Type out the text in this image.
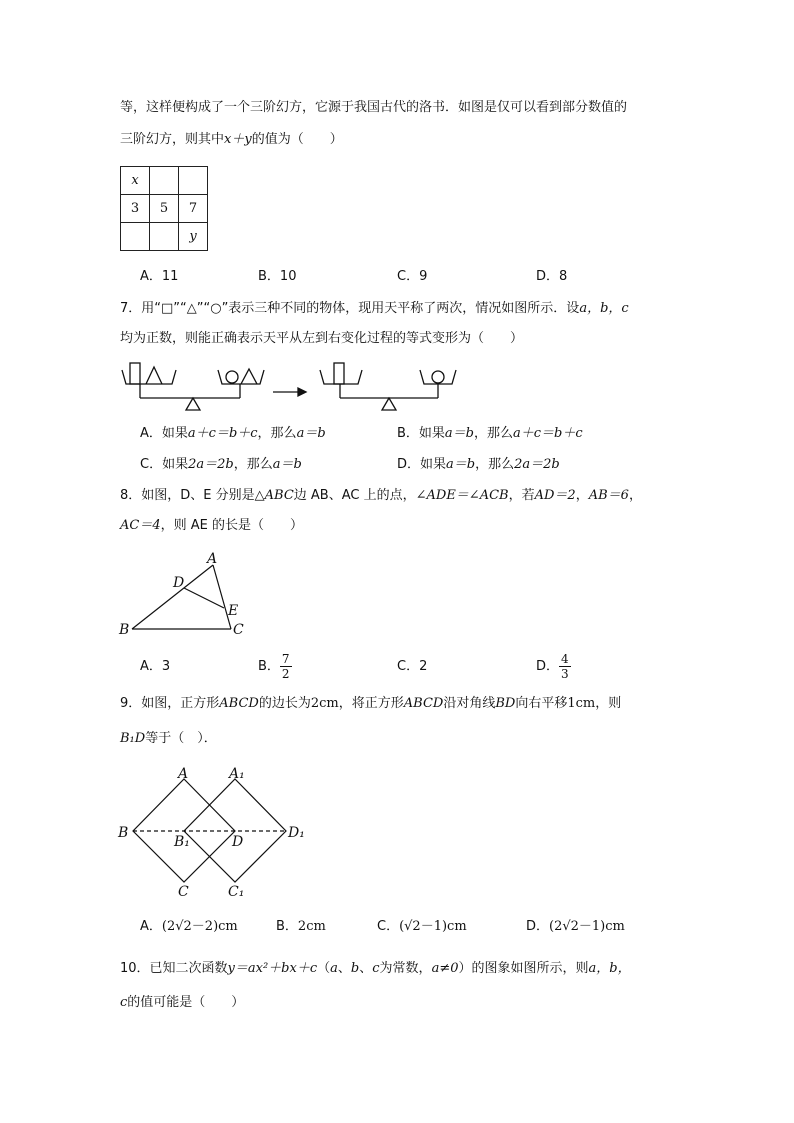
等，这样便构成了一个三阶幻方，它源于我国古代的洛书．如图是仅可以看到部分数值的
三阶幻方，则其中x＋y的值为（　　）
x		
3	5	7
		y
A．11	B．10	C．9	D．8
7．用“□”“△”“○”表示三种不同的物体，现用天平称了两次，情况如图所示．设a，b，c
均为正数，则能正确表示天平从左到右变化过程的等式变形为（　　）
A．如果a＋c＝b＋c，那么a＝b	B．如果a＝b，那么a＋c＝b＋c
C．如果2a＝2b，那么a＝b	D．如果a＝b，那么2a＝2b
8．如图，D、E 分别是△ABC边 AB、AC 上的点，∠ADE＝∠ACB，若AD＝2，AB＝6，
AC＝4，则 AE 的长是（　　）
A
B	C
D
E
A．3	B． $\frac{7}{2}$	C．2	D． $\frac{4}{3}$
9．如图，正方形ABCD的边长为2cm，将正方形ABCD沿对角线BD向右平移1cm，则
B₁D等于（　）．
A	A₁
B
B₁	D
D₁
C	C₁
A．(2√2－2)cm	B．2cm	C．(√2－1)cm	D．(2√2－1)cm
10．已知二次函数y＝ax²＋bx＋c（a、b、c为常数，a≠0）的图象如图所示，则a，b，
c的值可能是（　　）
